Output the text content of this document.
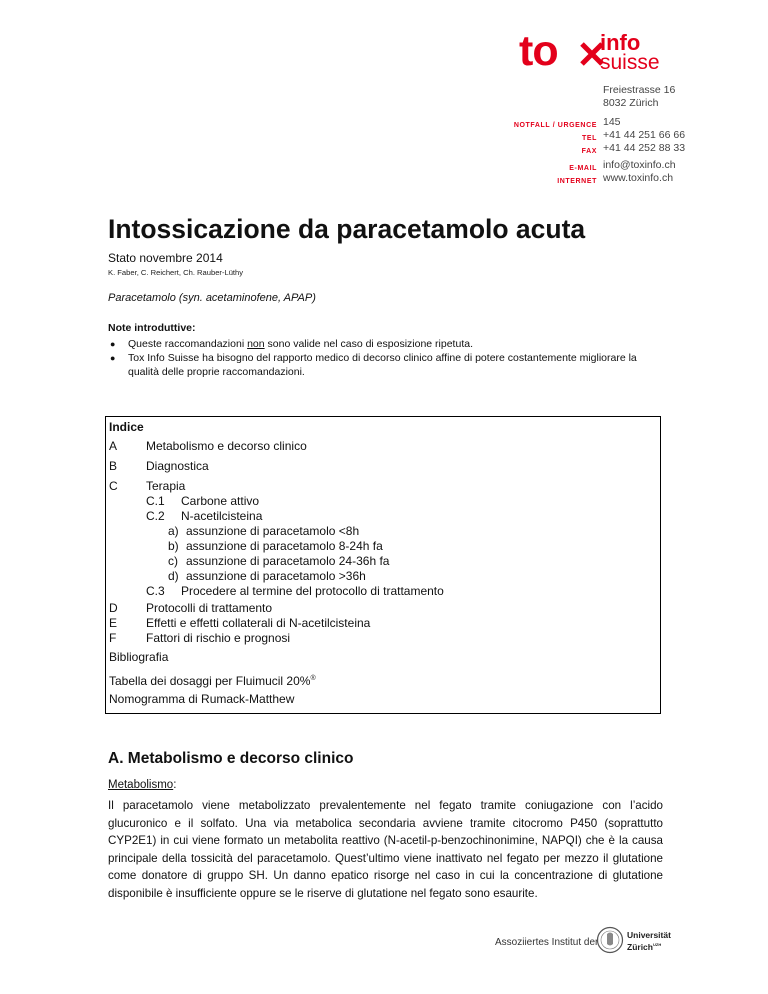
to info
suisse
Freiestrasse 16
8032 Zürich
NOTFALL / URGENCE 145
TEL +41 44 251 66 66
FAX +41 44 252 88 33
E-MAIL info@toxinfo.ch
INTERNET www.toxinfo.ch
Intossicazione da paracetamolo acuta
Stato novembre 2014
K. Faber, C. Reichert, Ch. Rauber-Lüthy
Paracetamolo (syn. acetaminofene, APAP)
Note introduttive:

● Queste raccomandazioni non sono valide nel caso di esposizione ripetuta.

● Tox Info Suisse ha bisogno del rapporto medico di decorso clinico affine di potere costantemente migliorare la qualità delle proprie raccomandazioni.

Indice
A Metabolismo e decorso clinico
B Diagnostica
C Terapia
C.1 Carbone attivo
C.2 N-acetilcisteina
a) assunzione di paracetamolo <8h
b) assunzione di paracetamolo 8-24h fa
c) assunzione di paracetamolo 24-36h fa
d) assunzione di paracetamolo >36h
C.3 Procedere al termine del protocollo di trattamento
D Protocolli di trattamento
E Effetti e effetti collaterali di N-acetilcisteina
F Fattori di rischio e prognosi
Bibliografia
Tabella dei dosaggi per Fluimucil 20%®
Nomogramma di Rumack-Matthew
A. Metabolismo e decorso clinico
Metabolismo:
Il paracetamolo viene metabolizzato prevalentemente nel fegato tramite coniugazione con l’acido glucuronico e il solfato. Una via metabolica secondaria avviene tramite citocromo P450 (soprattutto CYP2E1) in cui viene formato un metabolita reattivo (N-acetil-p-benzochinonimine, NAPQI) che è la causa principale della tossicità del paracetamolo. Quest’ultimo viene inattivato nel fegato per mezzo il glutatione come donatore di gruppo SH. Un danno epatico risorge nel caso in cui la concentrazione di glutatione disponibile è insufficiente oppure se le riserve di glutatione nel fegato sono esaurite.
Assoziiertes Institut der
Universität
Zürich$^{UZH}$
